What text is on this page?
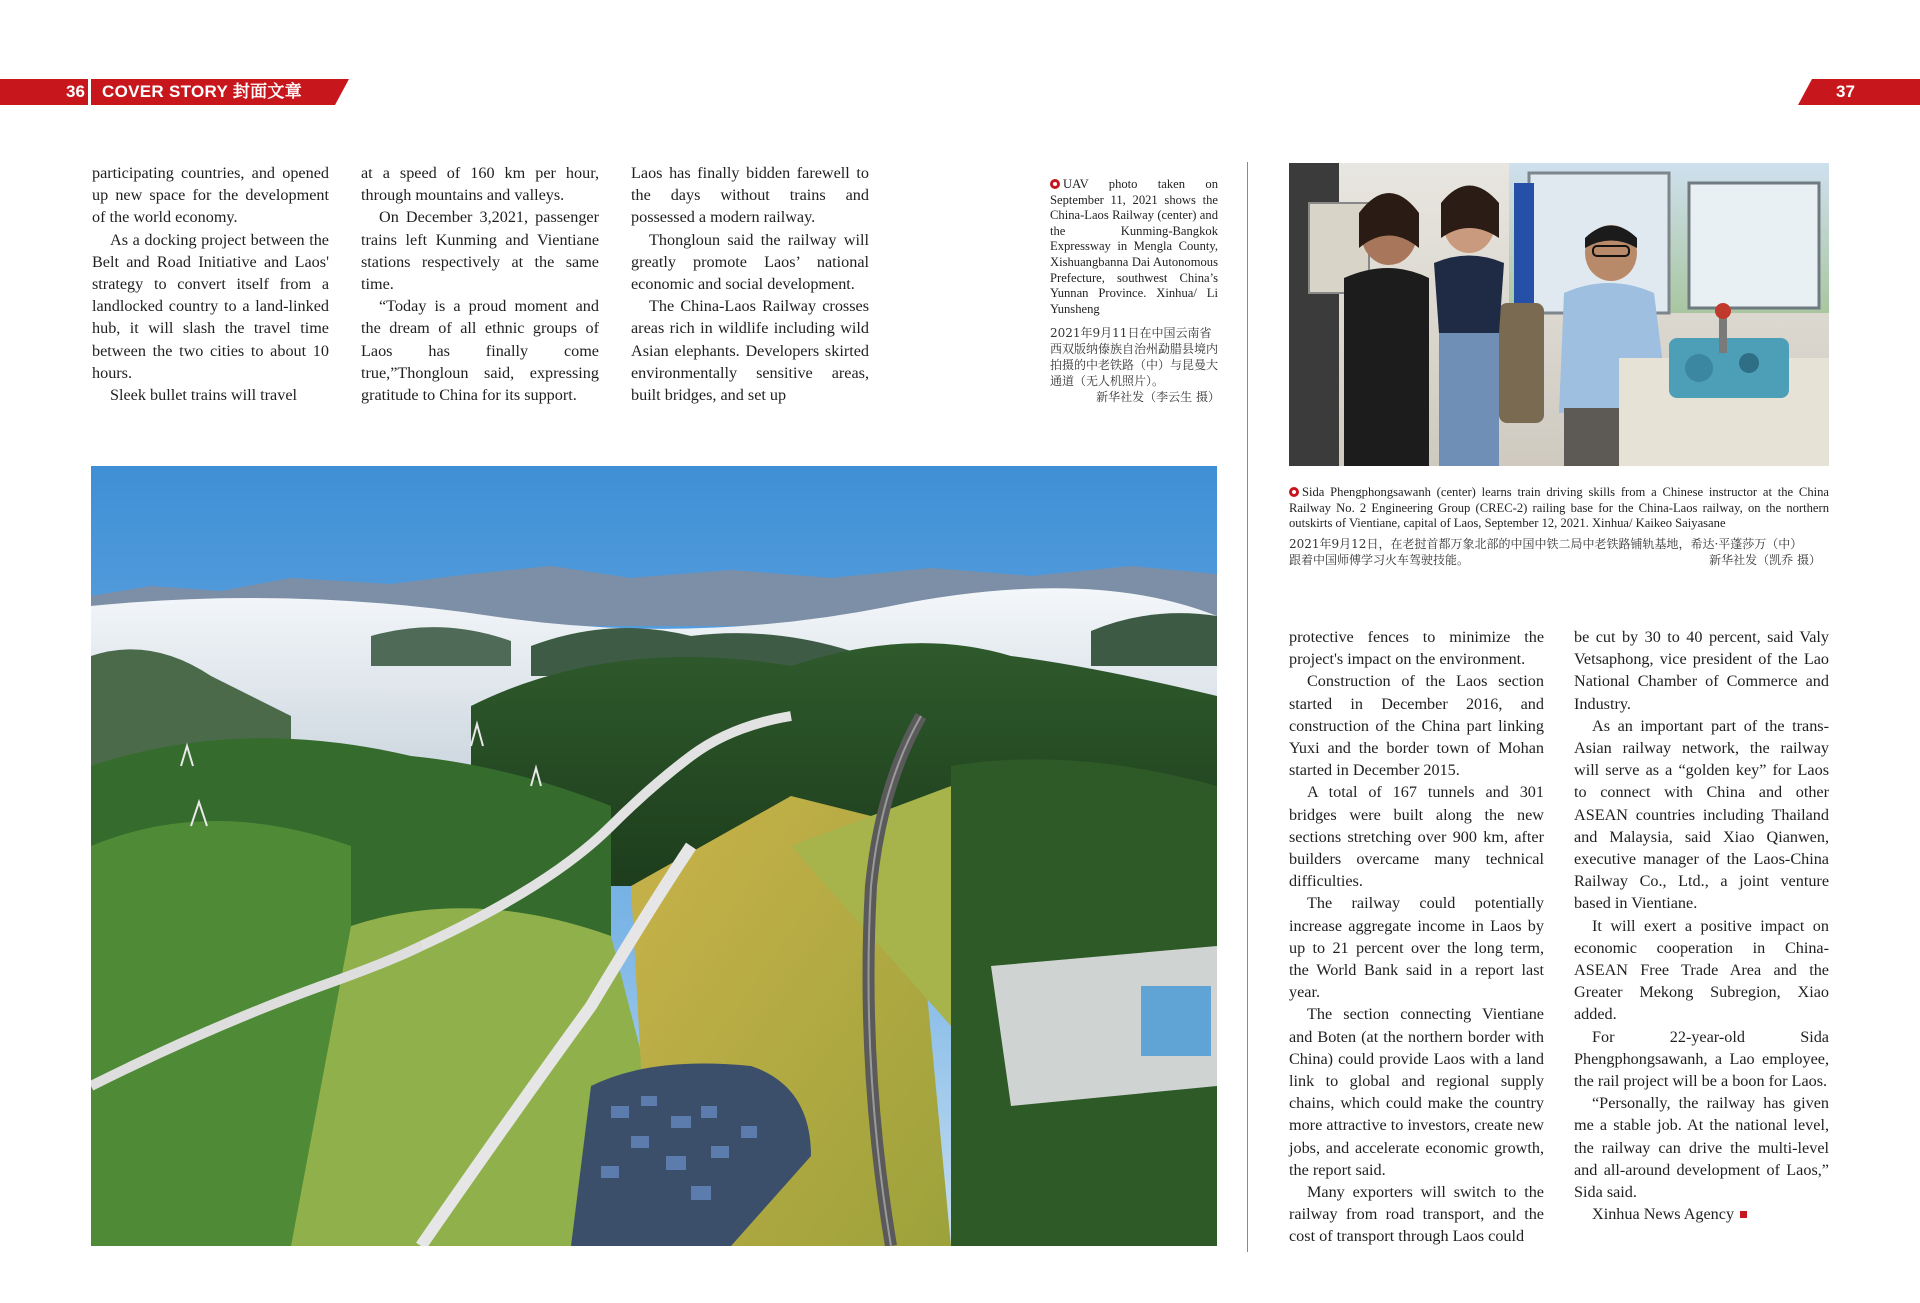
36	COVER STORY 封面文章	37

participating countries, and opened up new space for the development of the world economy.

As a docking project between the Belt and Road Initiative and Laos' strategy to convert itself from a landlocked country to a land-linked hub, it will slash the travel time between the two cities to about 10 hours.

Sleek bullet trains will travel

at a speed of 160 km per hour, through mountains and valleys.

On December 3,2021, passenger trains left Kunming and Vientiane stations respectively at the same time.

“Today is a proud moment and the dream of all ethnic groups of Laos has finally come true,”Thongloun said, expressing gratitude to China for its support.

Laos has finally bidden farewell to the days without trains and possessed a modern railway.

Thongloun said the railway will greatly promote Laos’ national economic and social development.

The China-Laos Railway crosses areas rich in wildlife including wild Asian elephants. Developers skirted environmentally sensitive areas, built bridges, and set up

UAV photo taken on September 11, 2021 shows the China-Laos Railway (center) and the Kunming-Bangkok Expressway in Mengla County, Xishuangbanna Dai Autonomous Prefecture, southwest China’s Yunnan Province. Xinhua/ Li Yunsheng
2021年9月11日在中国云南省西双版纳傣族自治州勐腊县境内拍摄的中老铁路（中）与昆曼大通道（无人机照片）。
新华社发（李云生 摄）
Sida Phengphongsawanh (center) learns train driving skills from a Chinese instructor at the China Railway No. 2 Engineering Group (CREC-2) railing base for the China-Laos railway, on the northern outskirts of Vientiane, capital of Laos, September 12, 2021. Xinhua/ Kaikeo Saiyasane
2021年9月12日，在老挝首都万象北部的中国中铁二局中老铁路铺轨基地，希达·平蓬莎万（中）
跟着中国师傅学习火车驾驶技能。	新华社发（凯乔 摄）

protective fences to minimize the project's impact on the environment.

Construction of the Laos section started in December 2016, and construction of the China part linking Yuxi and the border town of Mohan started in December 2015.

A total of 167 tunnels and 301 bridges were built along the new sections stretching over 900 km, after builders overcame many technical difficulties.

The railway could potentially increase aggregate income in Laos by up to 21 percent over the long term, the World Bank said in a report last year.

The section connecting Vientiane and Boten (at the northern border with China) could provide Laos with a land link to global and regional supply chains, which could make the country more attractive to investors, create new jobs, and accelerate economic growth, the report said.

Many exporters will switch to the railway from road transport, and the cost of transport through Laos could

be cut by 30 to 40 percent, said Valy Vetsaphong, vice president of the Lao National Chamber of Commerce and Industry.

As an important part of the trans-Asian railway network, the railway will serve as a “golden key” for Laos to connect with China and other ASEAN countries including Thailand and Malaysia, said Xiao Qianwen, executive manager of the Laos-China Railway Co., Ltd., a joint venture based in Vientiane.

It will exert a positive impact on economic cooperation in China-ASEAN Free Trade Area and the Greater Mekong Subregion, Xiao added.

For 22-year-old Sida Phengphongsawanh, a Lao employee, the rail project will be a boon for Laos.

“Personally, the railway has given me a stable job. At the national level, the railway can drive the multi-level and all-around development of Laos,” Sida said.

Xinhua News Agency
